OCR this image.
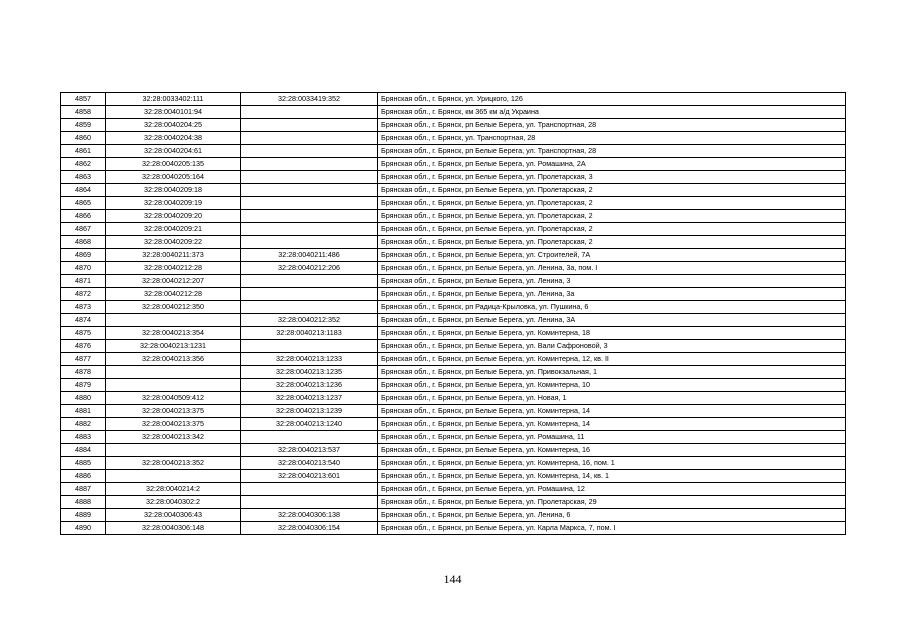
4857	32:28:0033402:111	32:28:0033419:352	Брянская обл., г. Брянск, ул. Урицкого, 126
4858	32:28:0040101:94		Брянская обл., г. Брянск, км 365 км а/д Украина
4859	32:28:0040204:25		Брянская обл., г. Брянск, рп Белые Берега, ул. Транспортная, 28
4860	32:28:0040204:38		Брянская обл., г. Брянск, ул. Транспортная, 28
4861	32:28:0040204:61		Брянская обл., г. Брянск, рп Белые Берега, ул. Транспортная, 28
4862	32:28:0040205:135		Брянская обл., г. Брянск, рп Белые Берега, ул. Ромашина, 2А
4863	32:28:0040205:164		Брянская обл., г. Брянск, рп Белые Берега, ул. Пролетарская, 3
4864	32:28:0040209:18		Брянская обл., г. Брянск, рп Белые Берега, ул. Пролетарская, 2
4865	32:28:0040209:19		Брянская обл., г. Брянск, рп Белые Берега, ул. Пролетарская, 2
4866	32:28:0040209:20		Брянская обл., г. Брянск, рп Белые Берега, ул. Пролетарская, 2
4867	32:28:0040209:21		Брянская обл., г. Брянск, рп Белые Берега, ул. Пролетарская, 2
4868	32:28:0040209:22		Брянская обл., г. Брянск, рп Белые Берега, ул. Пролетарская, 2
4869	32:28:0040211:373	32:28:0040211:486	Брянская обл., г. Брянск, рп Белые Берега, ул. Строителей, 7А
4870	32:28:0040212:28	32:28:0040212:206	Брянская обл., г. Брянск, рп Белые Берега, ул. Ленина, 3а, пом. I
4871	32:28:0040212:207		Брянская обл., г. Брянск, рп Белые Берега, ул. Ленина, 3
4872	32:28:0040212:28		Брянская обл., г. Брянск, рп Белые Берега, ул. Ленина, 3а
4873	32:28:0040212:350		Брянская обл., г. Брянск, рп Радица-Крыловка, ул. Пушкина, 6
4874		32:28:0040212:352	Брянская обл., г. Брянск, рп Белые Берега, ул. Ленина, 3А
4875	32:28:0040213:354	32:28:0040213:1183	Брянская обл., г. Брянск, рп Белые Берега, ул. Коминтерна, 18
4876	32:28:0040213:1231		Брянская обл., г. Брянск, рп Белые Берега, ул. Вали Сафроновой, 3
4877	32:28:0040213:356	32:28:0040213:1233	Брянская обл., г. Брянск, рп Белые Берега, ул. Коминтерна, 12, кв. II
4878		32:28:0040213:1235	Брянская обл., г. Брянск, рп Белые Берега, ул. Привокзальная, 1
4879		32:28:0040213:1236	Брянская обл., г. Брянск, рп Белые Берега, ул. Коминтерна, 10
4880	32:28:0040509:412	32:28:0040213:1237	Брянская обл., г. Брянск, рп Белые Берега, ул. Новая, 1
4881	32:28:0040213:375	32:28:0040213:1239	Брянская обл., г. Брянск, рп Белые Берега, ул. Коминтерна, 14
4882	32:28:0040213:375	32:28:0040213:1240	Брянская обл., г. Брянск, рп Белые Берега, ул. Коминтерна, 14
4883	32:28:0040213:342		Брянская обл., г. Брянск, рп Белые Берега, ул. Ромашина, 11
4884		32:28:0040213:537	Брянская обл., г. Брянск, рп Белые Берега, ул. Коминтерна, 16
4885	32:28:0040213:352	32:28:0040213:540	Брянская обл., г. Брянск, рп Белые Берега, ул. Коминтерна, 16, пом. 1
4886		32:28:0040213:601	Брянская обл., г. Брянск, рп Белые Берега, ул. Коминтерна, 14, кв. 1
4887	32:28:0040214:2		Брянская обл., г. Брянск, рп Белые Берега, ул. Ромашина, 12
4888	32:28:0040302:2		Брянская обл., г. Брянск, рп Белые Берега, ул. Пролетарская, 29
4889	32:28:0040306:43	32:28:0040306:138	Брянская обл., г. Брянск, рп Белые Берега, ул. Ленина, 6
4890	32:28:0040306:148	32:28:0040306:154	Брянская обл., г. Брянск, рп Белые Берега, ул. Карла Маркса, 7, пом. I
144
